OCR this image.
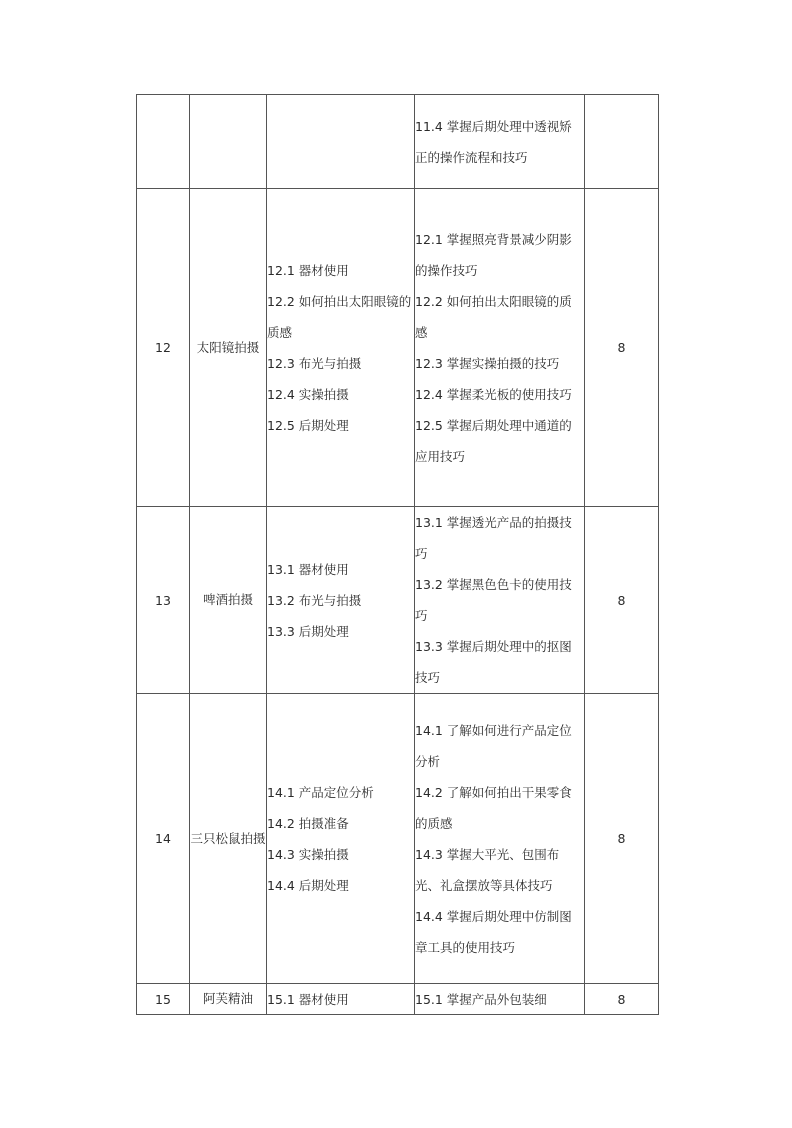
			11.4 掌握后期处理中透视矫正的操作流程和技巧	

12	太阳镜拍摄	12.1 器材使用
12.2 如何拍出太阳眼镜的质感
12.3 布光与拍摄
12.4 实操拍摄
12.5 后期处理	12.1 掌握照亮背景减少阴影的操作技巧
12.2 如何拍出太阳眼镜的质感
12.3 掌握实操拍摄的技巧
12.4 掌握柔光板的使用技巧
12.5 掌握后期处理中通道的应用技巧	8
13	啤酒拍摄	13.1 器材使用
13.2 布光与拍摄
13.3 后期处理	13.1 掌握透光产品的拍摄技巧
13.2 掌握黑色色卡的使用技巧
13.3 掌握后期处理中的抠图技巧	8
14	三只松鼠拍摄	14.1 产品定位分析
14.2 拍摄准备
14.3 实操拍摄
14.4 后期处理	14.1 了解如何进行产品定位分析
14.2 了解如何拍出干果零食的质感
14.3 掌握大平光、包围布光、礼盒摆放等具体技巧
14.4 掌握后期处理中仿制图章工具的使用技巧	8
15	阿芙精油	15.1 器材使用	15.1 掌握产品外包装细	8
